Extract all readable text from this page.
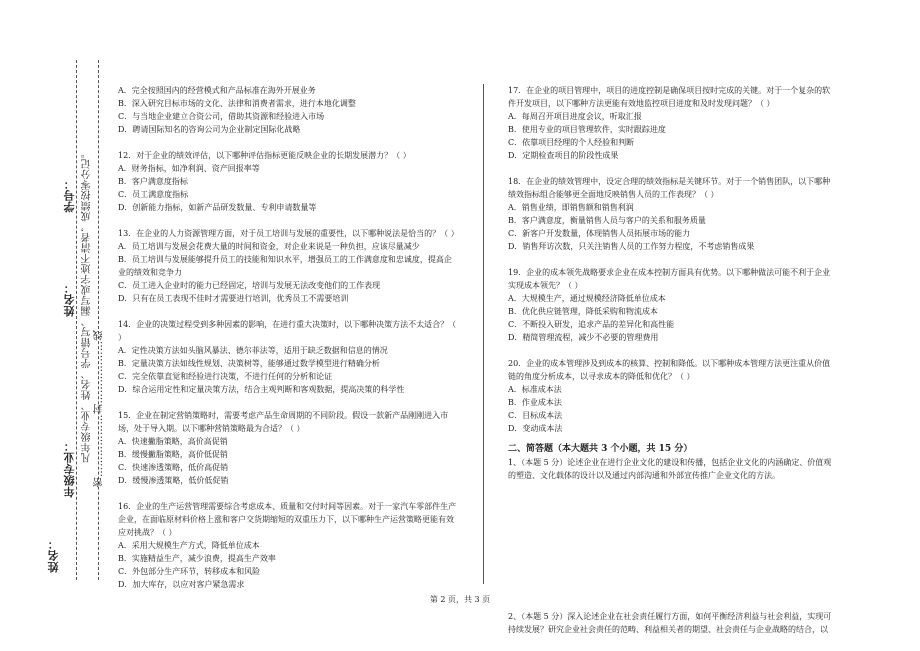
学号：
姓名：
年级专业：
姓名：
凡年级专业、姓名、学号错写、漏写或字迹不清者，成绩按零分记。 密………………封………………线
A．完全按照国内的经营模式和产品标准在海外开展业务
B．深入研究目标市场的文化、法律和消费者需求，进行本地化调整
C．与当地企业建立合资公司，借助其资源和经验进入市场
D．聘请国际知名的咨询公司为企业制定国际化战略
12．对于企业的绩效评估，以下哪种评估指标更能反映企业的长期发展潜力？（ ）
A．财务指标，如净利润、资产回报率等
B．客户满意度指标
C．员工满意度指标
D．创新能力指标，如新产品研发数量、专利申请数量等
13．在企业的人力资源管理方面，对于员工培训与发展的重要性，以下哪种说法是恰当的？（ ）
A．员工培训与发展会花费大量的时间和资金，对企业来说是一种负担，应该尽量减少
B．员工培训与发展能够提升员工的技能和知识水平，增强员工的工作满意度和忠诚度，提高企业的绩效和竞争力
C．员工进入企业时的能力已经固定，培训与发展无法改变他们的工作表现
D．只有在员工表现不佳时才需要进行培训，优秀员工不需要培训
14．企业的决策过程受到多种因素的影响，在进行重大决策时，以下哪种决策方法不太适合？（ ）
A．定性决策方法如头脑风暴法、德尔菲法等，适用于缺乏数据和信息的情况
B．定量决策方法如线性规划、决策树等，能够通过数学模型进行精确分析
C．完全依靠直觉和经验进行决策，不进行任何的分析和论证
D．综合运用定性和定量决策方法，结合主观判断和客观数据，提高决策的科学性
15．企业在制定营销策略时，需要考虑产品生命周期的不同阶段。假设一款新产品刚刚进入市场，处于导入期。以下哪种营销策略最为合适？（ ）
A．快速撇脂策略，高价高促销
B．缓慢撇脂策略，高价低促销
C．快速渗透策略，低价高促销
D．缓慢渗透策略，低价低促销
16．企业的生产运营管理需要综合考虑成本、质量和交付时间等因素。对于一家汽车零部件生产企业，在面临原材料价格上涨和客户交货期缩短的双重压力下，以下哪种生产运营策略更能有效应对挑战？（ ）
A．采用大规模生产方式，降低单位成本
B．实施精益生产，减少浪费，提高生产效率
C．外包部分生产环节，转移成本和风险
D．加大库存，以应对客户紧急需求
17．在企业的项目管理中，项目的进度控制是确保项目按时完成的关键。对于一个复杂的软件开发项目，以下哪种方法更能有效地监控项目进度和及时发现问题？（ ）
A．每周召开项目进度会议，听取汇报
B．使用专业的项目管理软件，实时跟踪进度
C．依靠项目经理的个人经验和判断
D．定期检查项目的阶段性成果
18．在企业的绩效管理中，设定合理的绩效指标是关键环节。对于一个销售团队，以下哪种绩效指标组合能够更全面地反映销售人员的工作表现？（ ）
A．销售业绩，即销售额和销售利润
B．客户满意度，衡量销售人员与客户的关系和服务质量
C．新客户开发数量，体现销售人员拓展市场的能力
D．销售拜访次数，只关注销售人员的工作努力程度，不考虑销售成果
19．企业的成本领先战略要求企业在成本控制方面具有优势。以下哪种做法可能不利于企业实现成本领先？（ ）
A．大规模生产，通过规模经济降低单位成本
B．优化供应链管理，降低采购和物流成本
C．不断投入研发，追求产品的差异化和高性能
D．精简管理流程，减少不必要的管理费用
20．企业的成本管理涉及到成本的核算、控制和降低。以下哪种成本管理方法更注重从价值链的角度分析成本，以寻求成本的降低和优化？（ ）
A．标准成本法
B．作业成本法
C．目标成本法
D．变动成本法
二、简答题（本大题共 3 个小题，共 15 分）
1、（本题 5 分）论述企业在进行企业文化的建设和传播，包括企业文化的内涵确定、价值观的塑造、文化载体的设计以及通过内部沟通和外部宣传推广企业文化的方法。
2、（本题 5 分）深入论述企业在社会责任履行方面，如何平衡经济利益与社会利益，实现可持续发展？研究企业社会责任的范畴、利益相关者的期望、社会责任与企业战略的结合，以
第 2 页，共 3 页
